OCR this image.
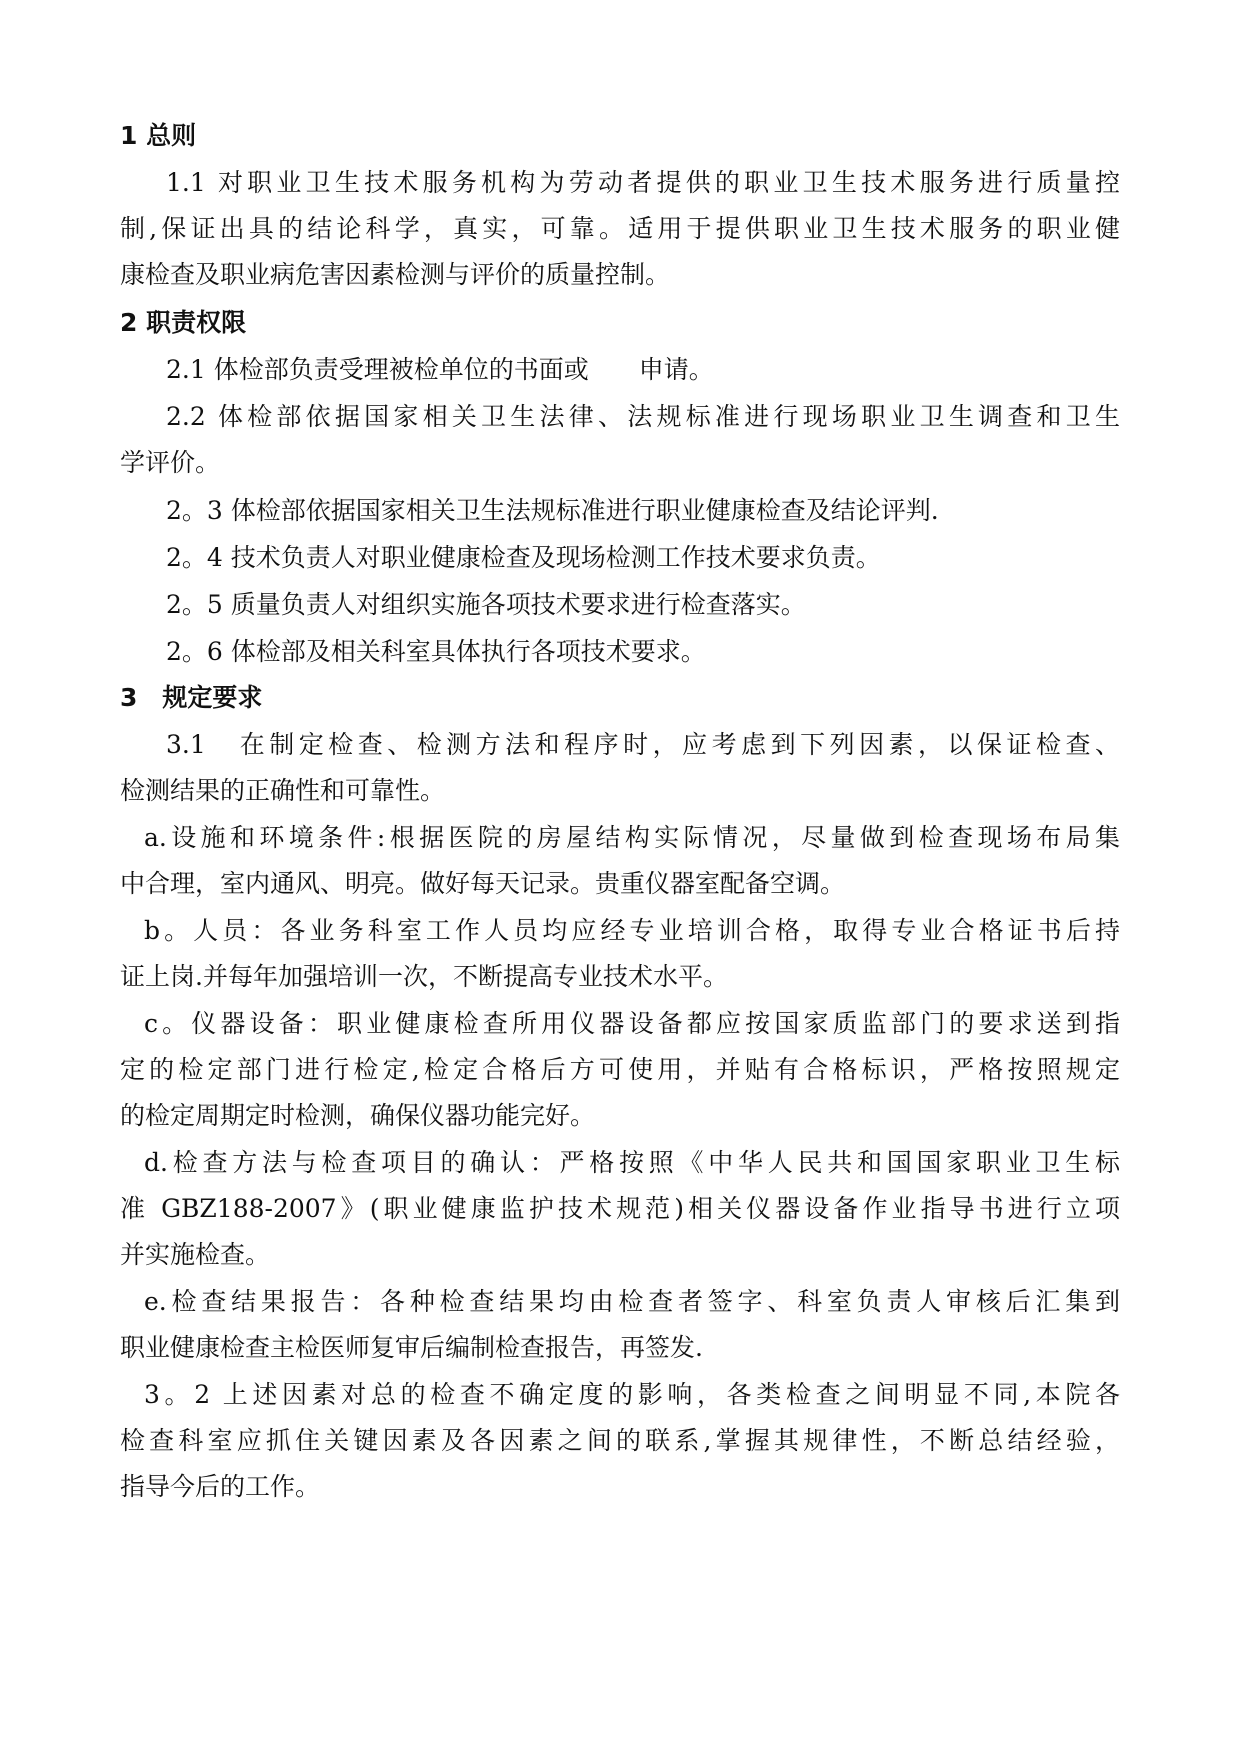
1 总则

1.1 对职业卫生技术服务机构为劳动者提供的职业卫生技术服务进行质量控

制,保证出具的结论科学，真实，可靠。适用于提供职业卫生技术服务的职业健

康检查及职业病危害因素检测与评价的质量控制。

2 职责权限

2.1 体检部负责受理被检单位的书面或　　申请。

2.2 体检部依据国家相关卫生法律、法规标准进行现场职业卫生调查和卫生

学评价。

2。3 体检部依据国家相关卫生法规标准进行职业健康检查及结论评判.

2。4 技术负责人对职业健康检查及现场检测工作技术要求负责。

2。5 质量负责人对组织实施各项技术要求进行检查落实。

2。6 体检部及相关科室具体执行各项技术要求。

3　规定要求

3.1　在制定检查、检测方法和程序时，应考虑到下列因素，以保证检查、

检测结果的正确性和可靠性。

a.设施和环境条件:根据医院的房屋结构实际情况，尽量做到检查现场布局集

中合理，室内通风、明亮。做好每天记录。贵重仪器室配备空调。

b。人员：各业务科室工作人员均应经专业培训合格，取得专业合格证书后持

证上岗.并每年加强培训一次，不断提高专业技术水平。

c。仪器设备：职业健康检查所用仪器设备都应按国家质监部门的要求送到指

定的检定部门进行检定,检定合格后方可使用，并贴有合格标识，严格按照规定

的检定周期定时检测，确保仪器功能完好。

d.检查方法与检查项目的确认：严格按照《中华人民共和国国家职业卫生标

准 GBZ188-2007》(职业健康监护技术规范)相关仪器设备作业指导书进行立项

并实施检查。

e.检查结果报告：各种检查结果均由检查者签字、科室负责人审核后汇集到

职业健康检查主检医师复审后编制检查报告，再签发.

3。2 上述因素对总的检查不确定度的影响，各类检查之间明显不同,本院各

检查科室应抓住关键因素及各因素之间的联系,掌握其规律性，不断总结经验，

指导今后的工作。
